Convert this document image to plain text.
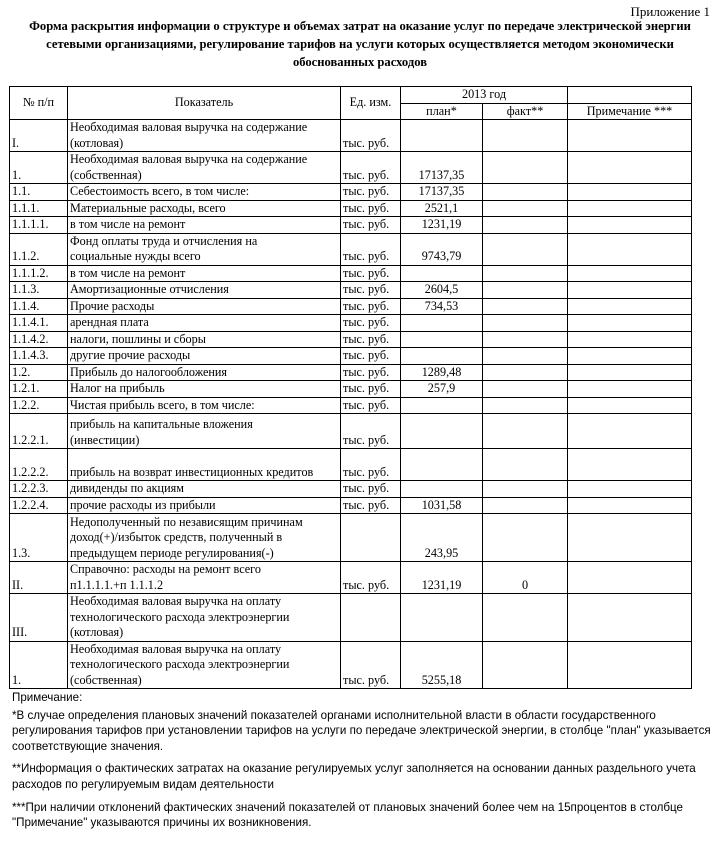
Приложение 1
Форма раскрытия информации о структуре и объемах затрат на оказание услуг по передаче электрической энергии
сетевыми организациями, регулирование тарифов на услуги которых осуществляется методом экономически
обоснованных расходов
№ п/п	Показатель	Ед. изм.	2013 год		
			план*	факт**	Примечание ***
I.	Необходимая валовая выручка на содержание
(котловая)	тыс. руб.			
1.	Необходимая валовая выручка на содержание
(собственная)	тыс. руб.	17137,35		
1.1.	Себестоимость всего, в том числе:	тыс. руб.	17137,35		
1.1.1.	Материальные расходы, всего	тыс. руб.	2521,1		
1.1.1.1.	в том числе на ремонт	тыс. руб.	1231,19		
1.1.2.	Фонд оплаты труда и отчисления на
социальные нужды всего	тыс. руб.	9743,79		
1.1.1.2.	в том числе на ремонт	тыс. руб.			
1.1.3.	Амортизационные отчисления	тыс. руб.	2604,5		
1.1.4.	Прочие расходы	тыс. руб.	734,53		
1.1.4.1.	арендная плата	тыс. руб.			
1.1.4.2.	налоги, пошлины и сборы	тыс. руб.			
1.1.4.3.	другие прочие расходы	тыс. руб.			
1.2.	Прибыль до налогообложения	тыс. руб.	1289,48		
1.2.1.	Налог на прибыль	тыс. руб.	257,9		
1.2.2.	Чистая прибыль всего, в том числе:	тыс. руб.			
1.2.2.1.	прибыль на капитальные вложения
(инвестиции)	тыс. руб.			
1.2.2.2.	прибыль на возврат инвестиционных кредитов	тыс. руб.			
1.2.2.3.	дивиденды по акциям	тыс. руб.			
1.2.2.4.	прочие расходы из прибыли	тыс. руб.	1031,58		
1.3.	Недополученный по независящим причинам
доход(+)/избыток средств, полученный в
предыдущем периоде регулирования(-)		243,95		
II.	Справочно: расходы на ремонт всего
п1.1.1.1.+п 1.1.1.2	тыс. руб.	1231,19	0	
III.	Необходимая валовая выручка на оплату
технологического расхода электроэнергии
(котловая)				

1.	Необходимая валовая выручка на оплату
технологического расхода электроэнергии
(собственная)	тыс. руб.	5255,18		

Примечание:

*В случае определения плановых значений показателей органами исполнительной власти в области государственного регулирования тарифов при установлении тарифов на услуги по передаче электрической энергии, в столбце "план" указывается соответствующие значения.

**Информация о фактических затратах на оказание регулируемых услуг заполняется на основании данных раздельного учета расходов по регулируемым видам деятельности

***При наличии отклонений фактических значений показателей от плановых значений более чем на 15процентов в столбце "Примечание" указываются причины их возникновения.
